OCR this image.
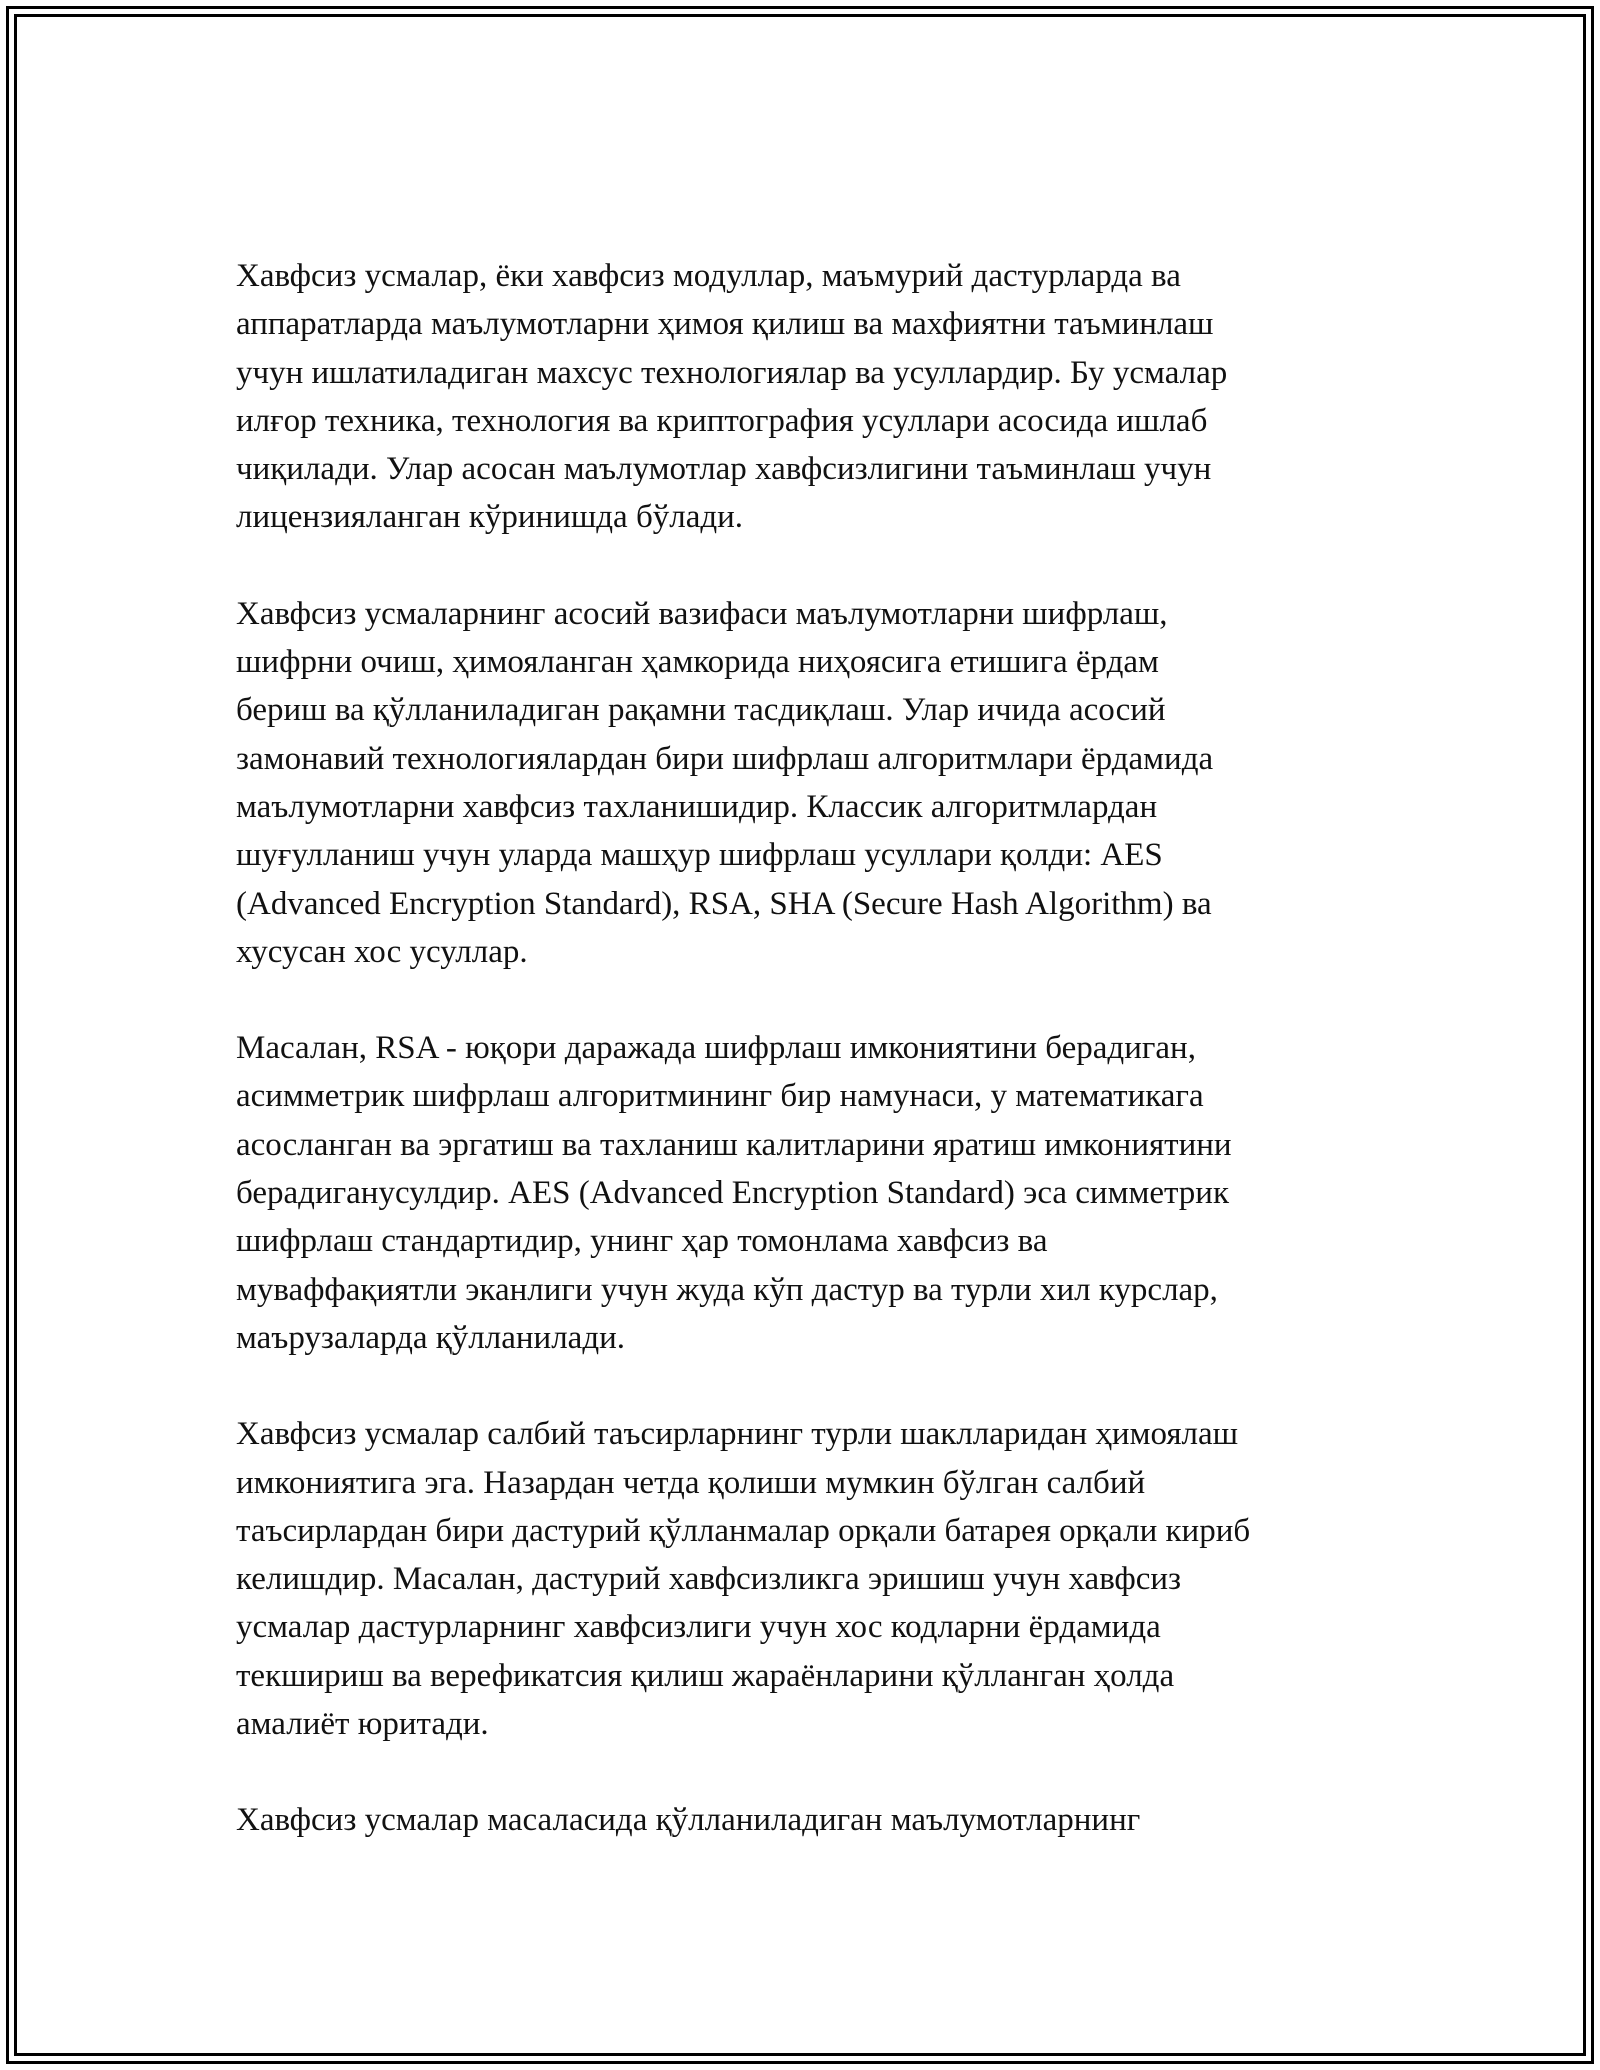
Хавфсиз усмалар, ёки хавфсиз модуллар, маъмурий дастурларда ва
аппаратларда маълумотларни ҳимоя қилиш ва махфиятни таъминлаш
учун ишлатиладиган махсус технологиялар ва усуллардир. Бу усмалар
илғор техника, технология ва криптография усуллари асосида ишлаб
чиқилади. Улар асосан маълумотлар хавфсизлигини таъминлаш учун
лицензияланган кўринишда бўлади.

Хавфсиз усмаларнинг асосий вазифаси маълумотларни шифрлаш,
шифрни очиш, ҳимояланган ҳамкорида ниҳоясига етишига ёрдам
бериш ва қўлланиладиган рақамни тасдиқлаш. Улар ичида асосий
замонавий технологиялардан бири шифрлаш алгоритмлари ёрдамида
маълумотларни хавфсиз тахланишидир. Классик алгоритмлардан
шуғулланиш учун уларда машҳур шифрлаш усуллари қолди: AES
(Advanced Encryption Standard), RSA, SHA (Secure Hash Algorithm) ва
хусусан хос усуллар.

Масалан, RSA - юқори даражада шифрлаш имкониятини берадиган,
асимметрик шифрлаш алгоритмининг бир намунаси, у математикага
асосланган ва эргатиш ва тахланиш калитларини яратиш имкониятини
берадиганусулдир. AES (Advanced Encryption Standard) эса симметрик
шифрлаш стандартидир, унинг ҳар томонлама хавфсиз ва
муваффақиятли эканлиги учун жуда кўп дастур ва турли хил курслар,
маърузаларда қўлланилади.

Хавфсиз усмалар салбий таъсирларнинг турли шаклларидан ҳимоялаш
имкониятига эга. Назардан четда қолиши мумкин бўлган салбий
таъсирлардан бири дастурий қўлланмалар орқали батарея орқали кириб
келишдир. Масалан, дастурий хавфсизликга эришиш учун хавфсиз
усмалар дастурларнинг хавфсизлиги учун хос кодларни ёрдамида
текшириш ва верефикатсия қилиш жараёнларини қўлланган ҳолда
амалиёт юритади.

Хавфсиз усмалар масаласида қўлланиладиган маълумотларнинг
